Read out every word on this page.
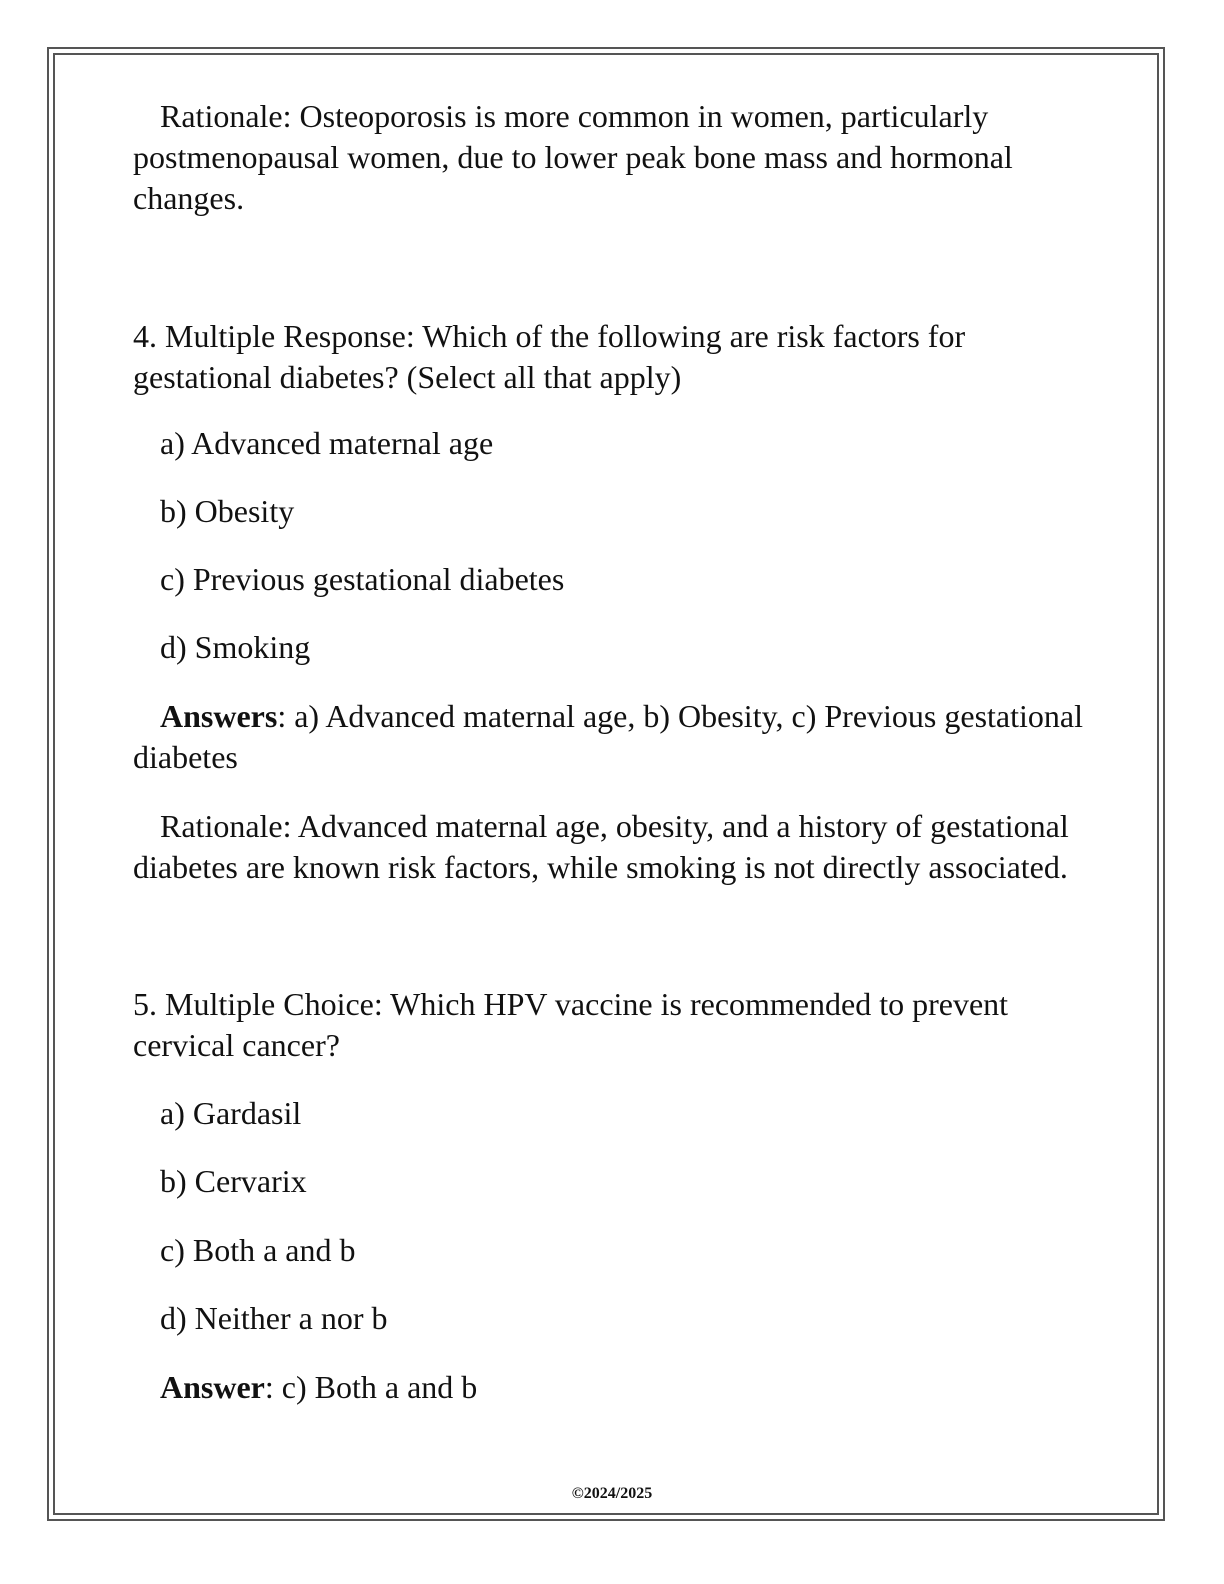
Rationale: Osteoporosis is more common in women, particularly postmenopausal women, due to lower peak bone mass and hormonal changes.

4. Multiple Response: Which of the following are risk factors for gestational diabetes? (Select all that apply)

a) Advanced maternal age

b) Obesity

c) Previous gestational diabetes

d) Smoking

Answers: a) Advanced maternal age, b) Obesity, c) Previous gestational diabetes

Rationale: Advanced maternal age, obesity, and a history of gestational diabetes are known risk factors, while smoking is not directly associated.

5. Multiple Choice: Which HPV vaccine is recommended to prevent cervical cancer?

a) Gardasil

b) Cervarix

c) Both a and b

d) Neither a nor b

Answer: c) Both a and b

©2024/2025
